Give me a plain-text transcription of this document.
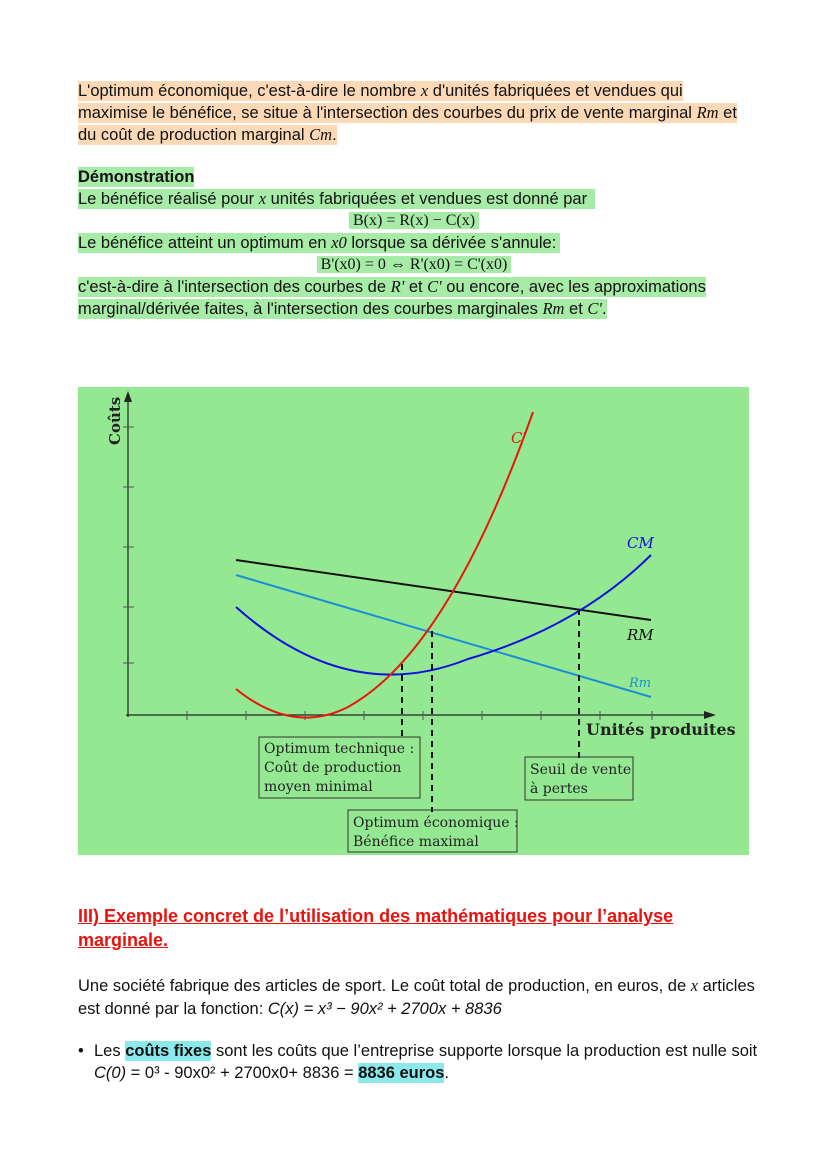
L'optimum économique, c'est-à-dire le nombre x d'unités fabriquées et vendues qui maximise le bénéfice, se situe à l'intersection des courbes du prix de vente marginal Rm et du coût de production marginal Cm.
Démonstration
Le bénéfice réalisé pour x unités fabriquées et vendues est donné par
B(x) = R(x) − C(x)
Le bénéfice atteint un optimum en x0 lorsque sa dérivée s'annule:
B'(x0) = 0 ⇔ R'(x0) = C'(x0)
c'est-à-dire à l'intersection des courbes de R' et C' ou encore, avec les approximations marginal/dérivée faites, à l'intersection des courbes marginales Rm et C'.
C'
CM
RM
Rm
Coûts
Unités produites
Optimum technique :
Coût de production
moyen minimal
Optimum économique :
Bénéfice maximal
Seuil de vente
à pertes
III) Exemple concret de l’utilisation des mathématiques pour l’analyse marginale.
Une société fabrique des articles de sport. Le coût total de production, en euros, de x articles est donné par la fonction: C(x) = x³ − 90x² + 2700x + 8836
• Les coûts fixes sont les coûts que l’entreprise supporte lorsque la production est nulle soit C(0) = 0³ - 90x0² + 2700x0+ 8836 = 8836 euros.
